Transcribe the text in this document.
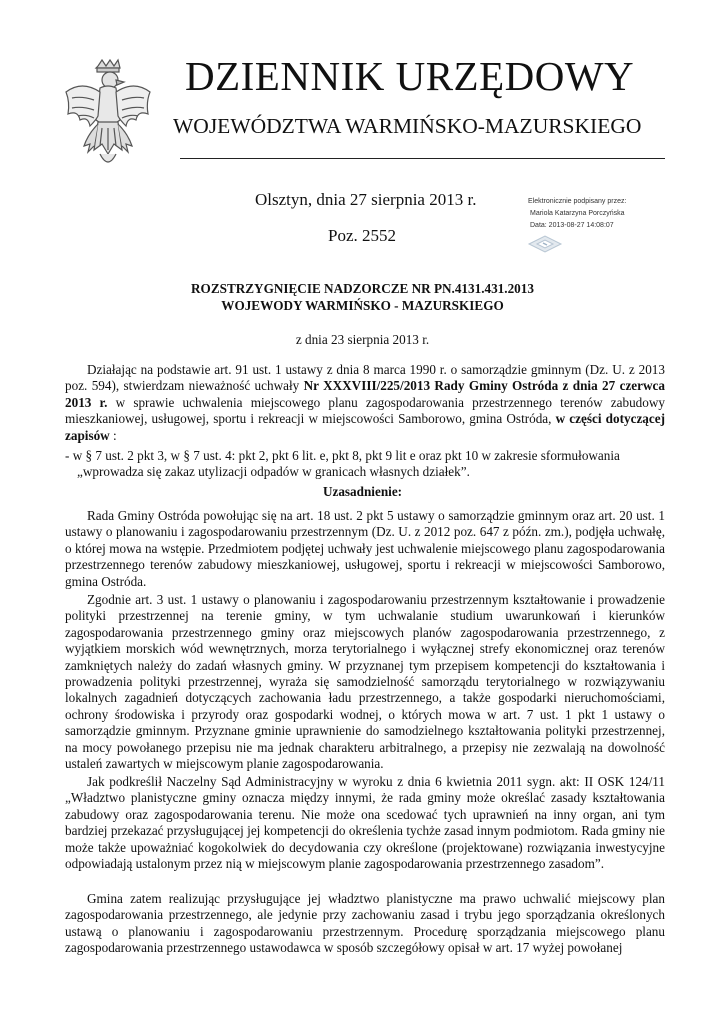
DZIENNIK URZĘDOWY
WOJEWÓDZTWA WARMIŃSKO-MAZURSKIEGO
Olsztyn, dnia 27 sierpnia 2013 r.
Poz. 2552
Elektronicznie podpisany przez:
Mariola Katarzyna Porczyńska
Data: 2013-08-27 14:08:07
ROZSTRZYGNIĘCIE NADZORCZE NR PN.4131.431.2013
WOJEWODY WARMIŃSKO - MAZURSKIEGO
z dnia 23 sierpnia 2013 r.

Działając na podstawie art. 91 ust. 1 ustawy z dnia 8 marca 1990 r. o samorządzie gminnym (Dz. U. z 2013 poz. 594), stwierdzam nieważność uchwały Nr XXXVIII/225/2013 Rady Gminy Ostróda z dnia 27 czerwca 2013 r. w sprawie uchwalenia miejscowego planu zagospodarowania przestrzennego terenów zabudowy mieszkaniowej, usługowej, sportu i rekreacji w miejscowości Samborowo, gmina Ostróda, w części dotyczącej zapisów :

- w § 7 ust. 2 pkt 3, w § 7 ust. 4: pkt 2, pkt 6 lit. e, pkt 8, pkt 9 lit e oraz pkt 10 w zakresie sformułowania „wprowadza się zakaz utylizacji odpadów w granicach własnych działek”.
Uzasadnienie:

Rada Gminy Ostróda powołując się na art. 18 ust. 2 pkt 5 ustawy o samorządzie gminnym oraz art. 20 ust. 1 ustawy o planowaniu i zagospodarowaniu przestrzennym (Dz. U. z 2012 poz. 647 z późn. zm.), podjęła uchwałę, o której mowa na wstępie. Przedmiotem podjętej uchwały jest uchwalenie miejscowego planu zagospodarowania przestrzennego terenów zabudowy mieszkaniowej, usługowej, sportu i rekreacji w miejscowości Samborowo, gmina Ostróda.

Zgodnie art. 3 ust. 1 ustawy o planowaniu i zagospodarowaniu przestrzennym kształtowanie i prowadzenie polityki przestrzennej na terenie gminy, w tym uchwalanie studium uwarunkowań i kierunków zagospodarowania przestrzennego gminy oraz miejscowych planów zagospodarowania przestrzennego, z wyjątkiem morskich wód wewnętrznych, morza terytorialnego i wyłącznej strefy ekonomicznej oraz terenów zamkniętych należy do zadań własnych gminy. W przyznanej tym przepisem kompetencji do kształtowania i prowadzenia polityki przestrzennej, wyraża się samodzielność samorządu terytorialnego w rozwiązywaniu lokalnych zagadnień dotyczących zachowania ładu przestrzennego, a także gospodarki nieruchomościami, ochrony środowiska i przyrody oraz gospodarki wodnej, o których mowa w art. 7 ust. 1 pkt 1 ustawy o samorządzie gminnym. Przyznane gminie uprawnienie do samodzielnego kształtowania polityki przestrzennej, na mocy powołanego przepisu nie ma jednak charakteru arbitralnego, a przepisy nie zezwalają na dowolność ustaleń zawartych w miejscowym planie zagospodarowania.

Jak podkreślił Naczelny Sąd Administracyjny w wyroku z dnia 6 kwietnia 2011 sygn. akt: II OSK 124/11 „Władztwo planistyczne gminy oznacza między innymi, że rada gminy może określać zasady kształtowania zabudowy oraz zagospodarowania terenu. Nie może ona scedować tych uprawnień na inny organ, ani tym bardziej przekazać przysługującej jej kompetencji do określenia tychże zasad innym podmiotom. Rada gminy nie może także upoważniać kogokolwiek do decydowania czy określone (projektowane) rozwiązania inwestycyjne odpowiadają ustalonym przez nią w miejscowym planie zagospodarowania przestrzennego zasadom”.

Gmina zatem realizując przysługujące jej władztwo planistyczne ma prawo uchwalić miejscowy plan zagospodarowania przestrzennego, ale jedynie przy zachowaniu zasad i trybu jego sporządzania określonych ustawą o planowaniu i zagospodarowaniu przestrzennym. Procedurę sporządzania miejscowego planu zagospodarowania przestrzennego ustawodawca w sposób szczegółowy opisał w art. 17 wyżej powołanej
